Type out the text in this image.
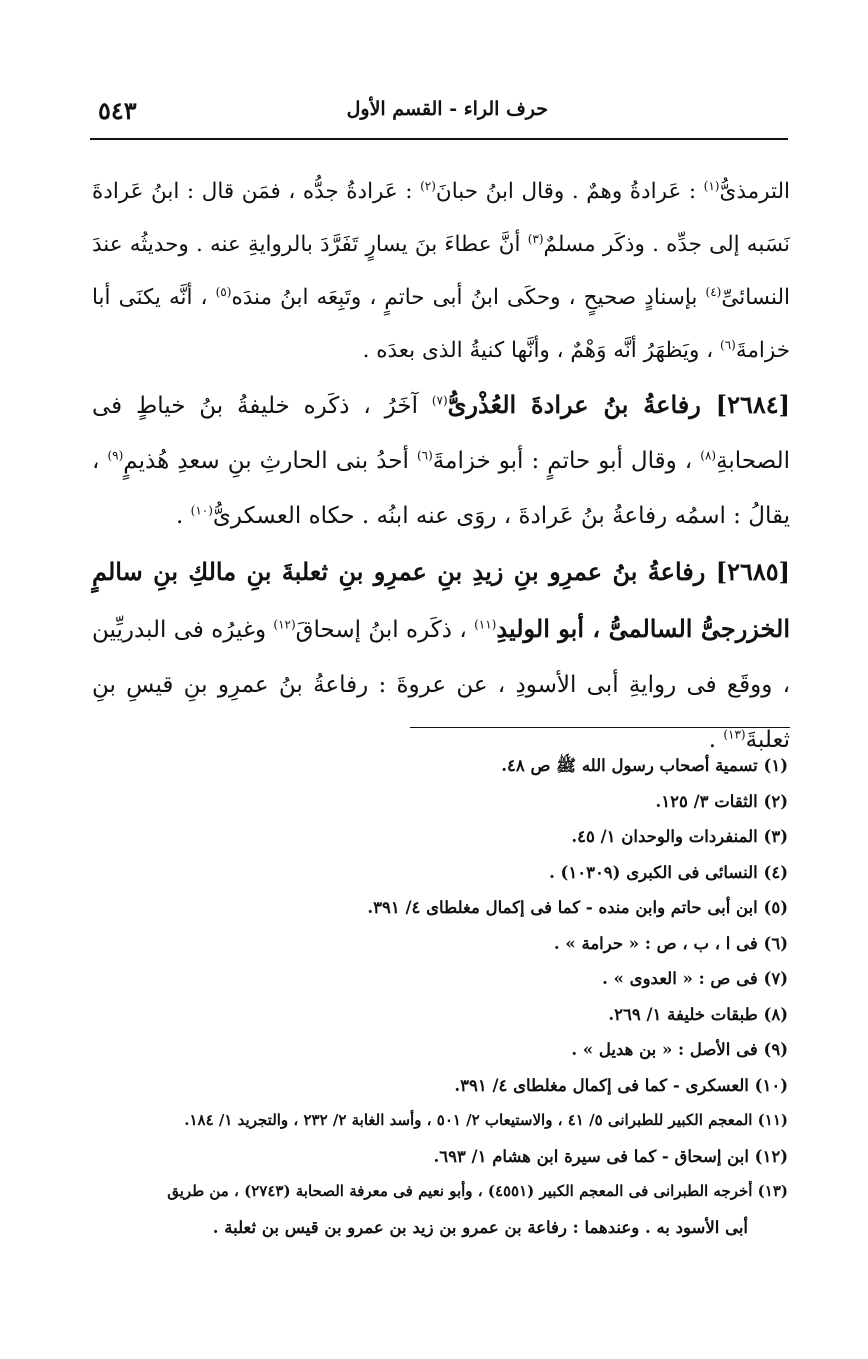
٥٤٣	حرف الراء - القسم الأول

الترمذىُّ$^{(١)}$ : عَرادةُ وهمٌ . وقال ابنُ حبانَ$^{(٢)}$ : عَرادةُ جدُّه ، فمَن قال : ابنُ عَرادةَ نَسَبه إلى جدِّه . وذكَر مسلمٌ$^{(٣)}$ أنَّ عطاءَ بنَ يسارٍ تَفَرَّدَ بالروايةِ عنه . وحديثُه عندَ النسائىِّ$^{(٤)}$ بإسنادٍ صحيحٍ ، وحكَى ابنُ أبى حاتمٍ ، وتَبِعَه ابنُ مندَه$^{(٥)}$ ، أنَّه يكنَى أبا خزامةَ$^{(٦)}$ ، ويَظهَرُ أنَّه وَهْمٌ ، وأنَّها كنيةُ الذى بعدَه .

[٢٦٨٤] رفاعةُ بنُ عرادةَ العُذْرىُّ$^{(٧)}$ آخَرُ ، ذكَره خليفةُ بنُ خياطٍ فى الصحابةِ$^{(٨)}$ ، وقال أبو حاتمٍ : أبو خزامةَ$^{(٦)}$ أحدُ بنى الحارثِ بنِ سعدِ هُذيمٍ$^{(٩)}$ ، يقالُ : اسمُه رفاعةُ بنُ عَرادةَ ، روَى عنه ابنُه . حكاه العسكرىُّ$^{(١٠)}$ .

[٢٦٨٥] رفاعةُ بنُ عمرِو بنِ زيدِ بنِ عمرِو بنِ ثعلبةَ بنِ مالكِ بنِ سالمٍ الخزرجىُّ السالمىُّ ، أبو الوليدِ$^{(١١)}$ ، ذكَره ابنُ إسحاقَ$^{(١٢)}$ وغيرُه فى البدريِّين ، ووقَع فى روايةِ أبى الأسودِ ، عن عروةَ : رفاعةُ بنُ عمرِو بنِ قيسِ بنِ ثعلبةَ$^{(١٣)}$ .

(١) تسمية أصحاب رسول الله ﷺ ص ٤٨.

(٢) الثقات ٣/ ١٢٥.

(٣) المنفردات والوحدان ١/ ٤٥.

(٤) النسائى فى الكبرى (١٠٣٠٩) .

(٥) ابن أبى حاتم وابن منده - كما فى إكمال مغلطاى ٤/ ٣٩١.

(٦) فى ا ، ب ، ص : « حرامة » .

(٧) فى ص : « العدوى » .

(٨) طبقات خليفة ١/ ٢٦٩.

(٩) فى الأصل : « بن هديل » .

(١٠) العسكرى - كما فى إكمال مغلطاى ٤/ ٣٩١.

(١١) المعجم الكبير للطبرانى ٥/ ٤١ ، والاستيعاب ٢/ ٥٠١ ، وأسد الغابة ٢/ ٢٣٢ ، والتجريد ١/ ١٨٤.

(١٢) ابن إسحاق - كما فى سيرة ابن هشام ١/ ٦٩٣.

(١٣) أخرجه الطبرانى فى المعجم الكبير (٤٥٥١) ، وأبو نعيم فى معرفة الصحابة (٢٧٤٣) ، من طريق

أبى الأسود به . وعندهما : رفاعة بن عمرو بن زيد بن عمرو بن قيس بن ثعلبة .
